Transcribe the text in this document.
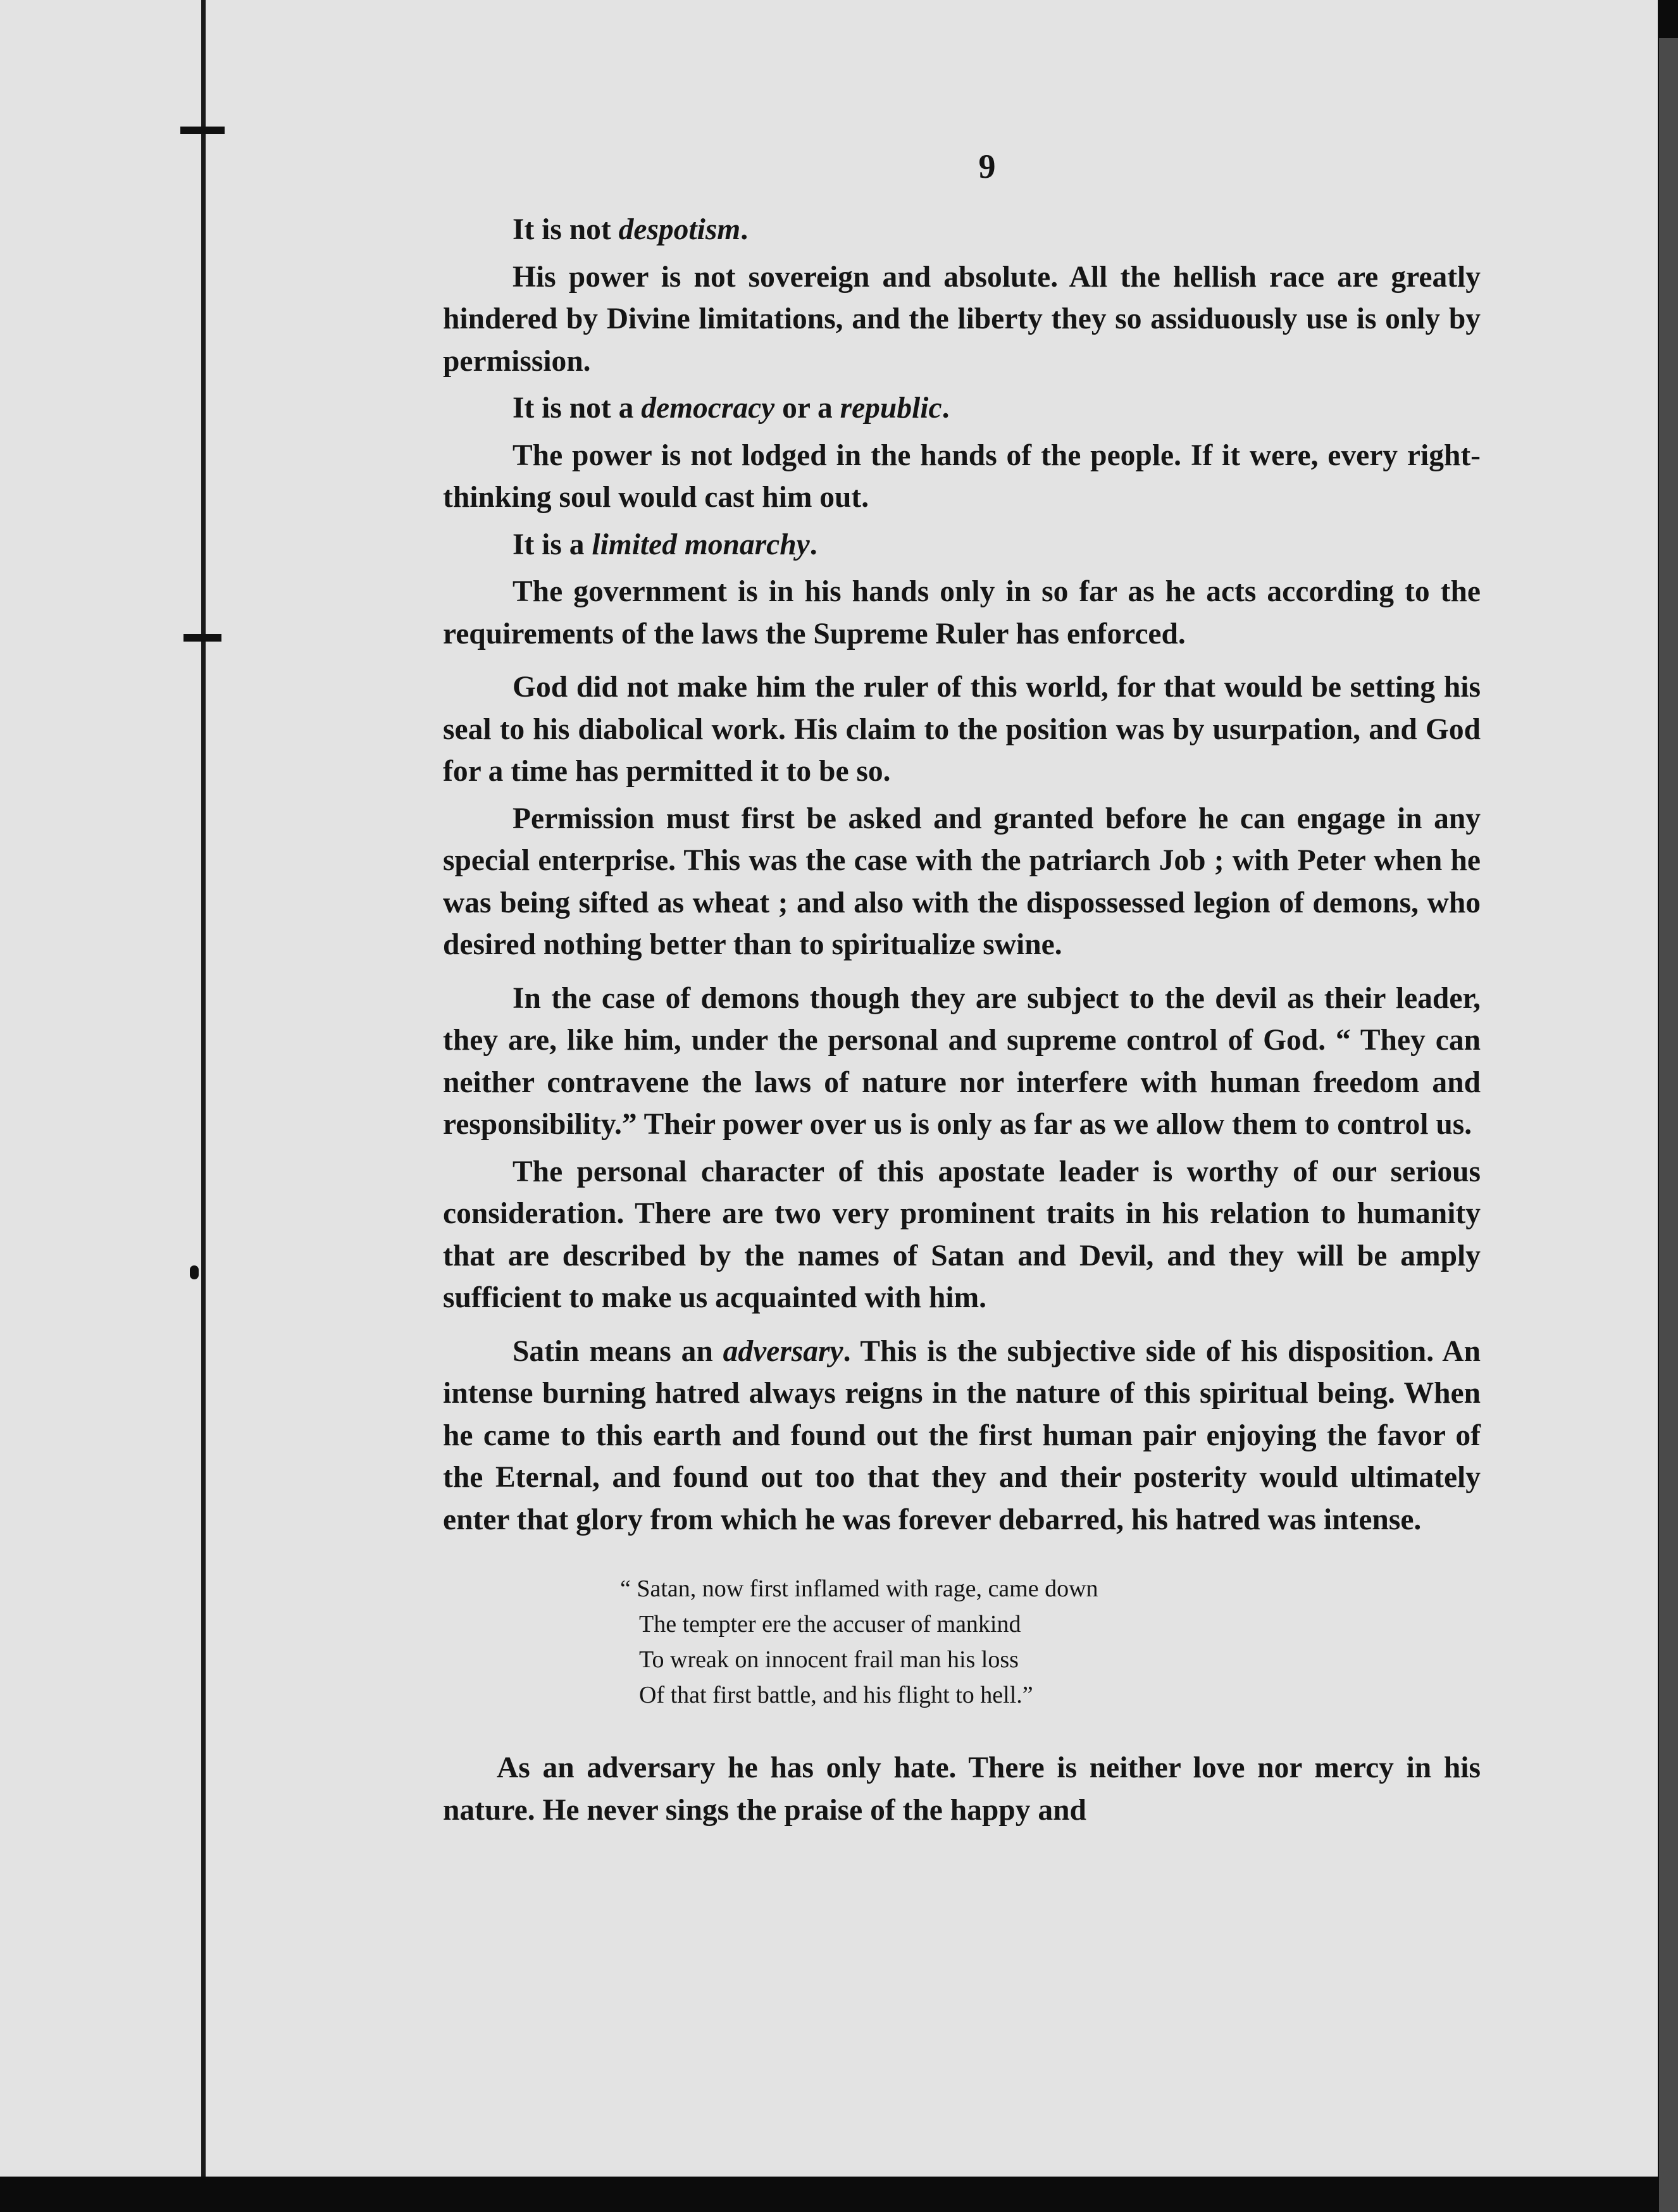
9

It is not despotism.

His power is not sovereign and absolute. All the hellish race are greatly hindered by Divine limitations, and the liberty they so assiduously use is only by permission.

It is not a democracy or a republic.

The power is not lodged in the hands of the people. If it were, every right-thinking soul would cast him out.

It is a limited monarchy.

The government is in his hands only in so far as he acts according to the requirements of the laws the Supreme Ruler has enforced.

God did not make him the ruler of this world, for that would be setting his seal to his diabolical work. His claim to the position was by usurpation, and God for a time has permitted it to be so.

Permission must first be asked and granted before he can engage in any special enterprise. This was the case with the patriarch Job ; with Peter when he was being sifted as wheat ; and also with the dispossessed legion of demons, who desired nothing better than to spiritualize swine.

In the case of demons though they are subject to the devil as their leader, they are, like him, under the personal and supreme control of God. “ They can neither contravene the laws of nature nor interfere with human freedom and responsibility.” Their power over us is only as far as we allow them to control us.

The personal character of this apostate leader is worthy of our serious consideration. There are two very prominent traits in his relation to humanity that are described by the names of Satan and Devil, and they will be amply sufficient to make us acquainted with him.

Satin means an adversary. This is the subjective side of his disposition. An intense burning hatred always reigns in the nature of this spiritual being. When he came to this earth and found out the first human pair enjoying the favor of the Eternal, and found out too that they and their posterity would ultimately enter that glory from which he was forever debarred, his hatred was intense.

“ Satan, now first inflamed with rage, came down
The tempter ere the accuser of mankind
To wreak on innocent frail man his loss
Of that first battle, and his flight to hell.”

As an adversary he has only hate. There is neither love nor mercy in his nature. He never sings the praise of the happy and
